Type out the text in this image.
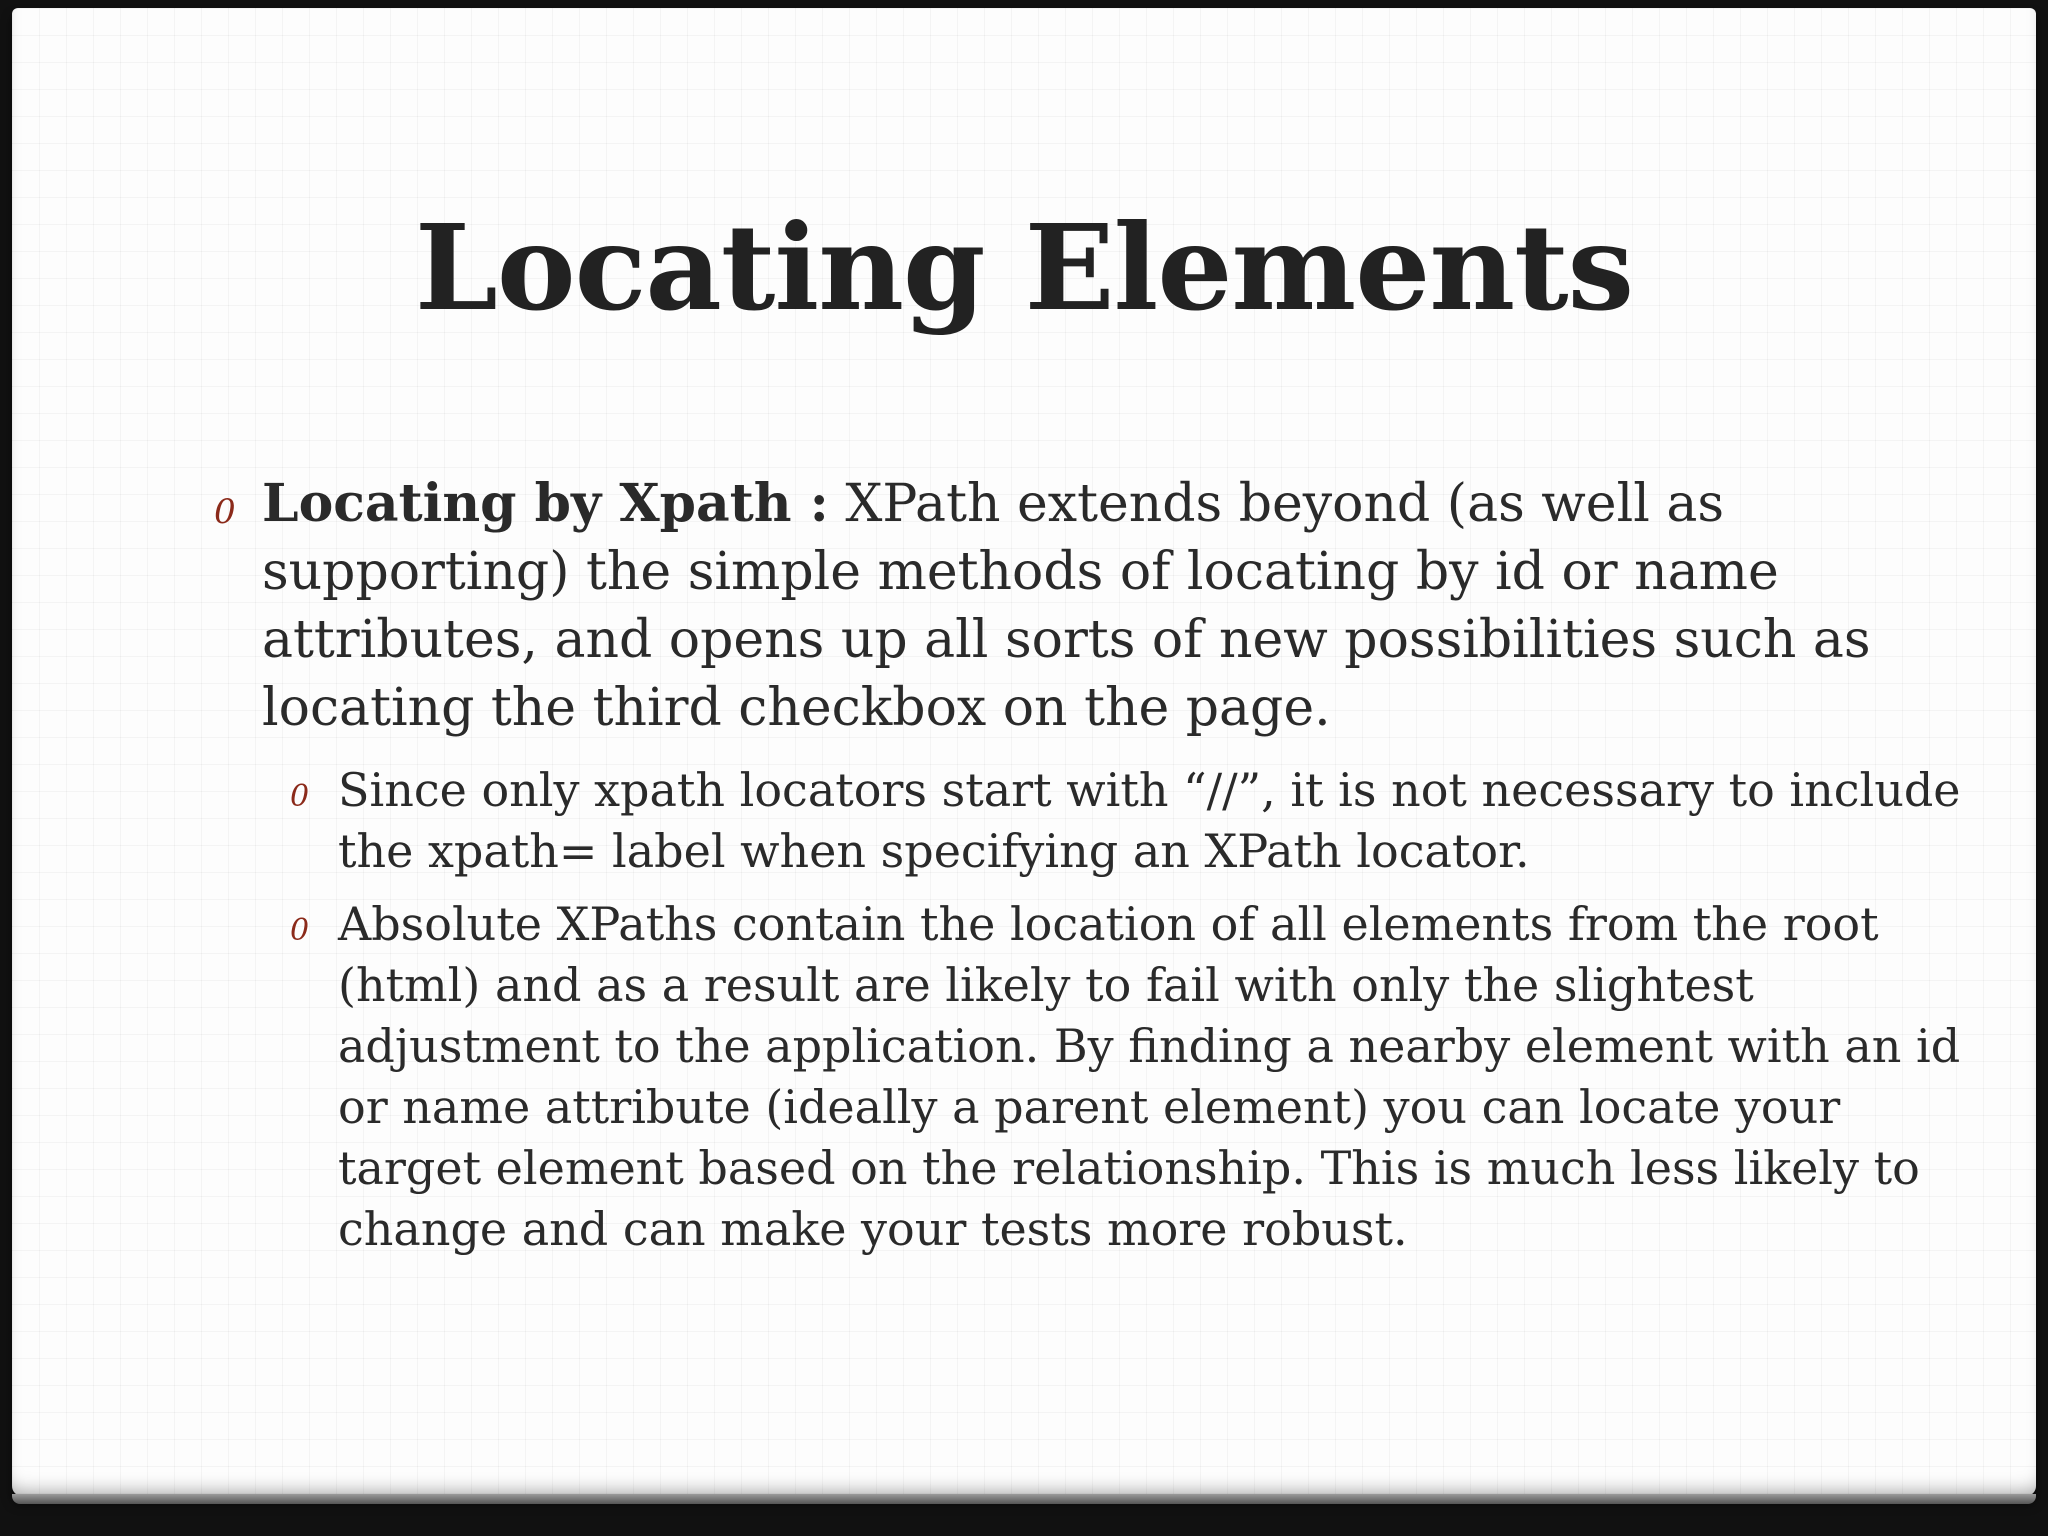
Locating Elements
0 Locating by Xpath : XPath extends beyond (as well as supporting) the simple methods of locating by id or name attributes, and opens up all sorts of new possibilities such as locating the third checkbox on the page.
0 Since only xpath locators start with “//”, it is not necessary to include the xpath= label when specifying an XPath locator.
0 Absolute XPaths contain the location of all elements from the root (html) and as a result are likely to fail with only the slightest adjustment to the application. By finding a nearby element with an id or name attribute (ideally a parent element) you can locate your target element based on the relationship. This is much less likely to change and can make your tests more robust.
